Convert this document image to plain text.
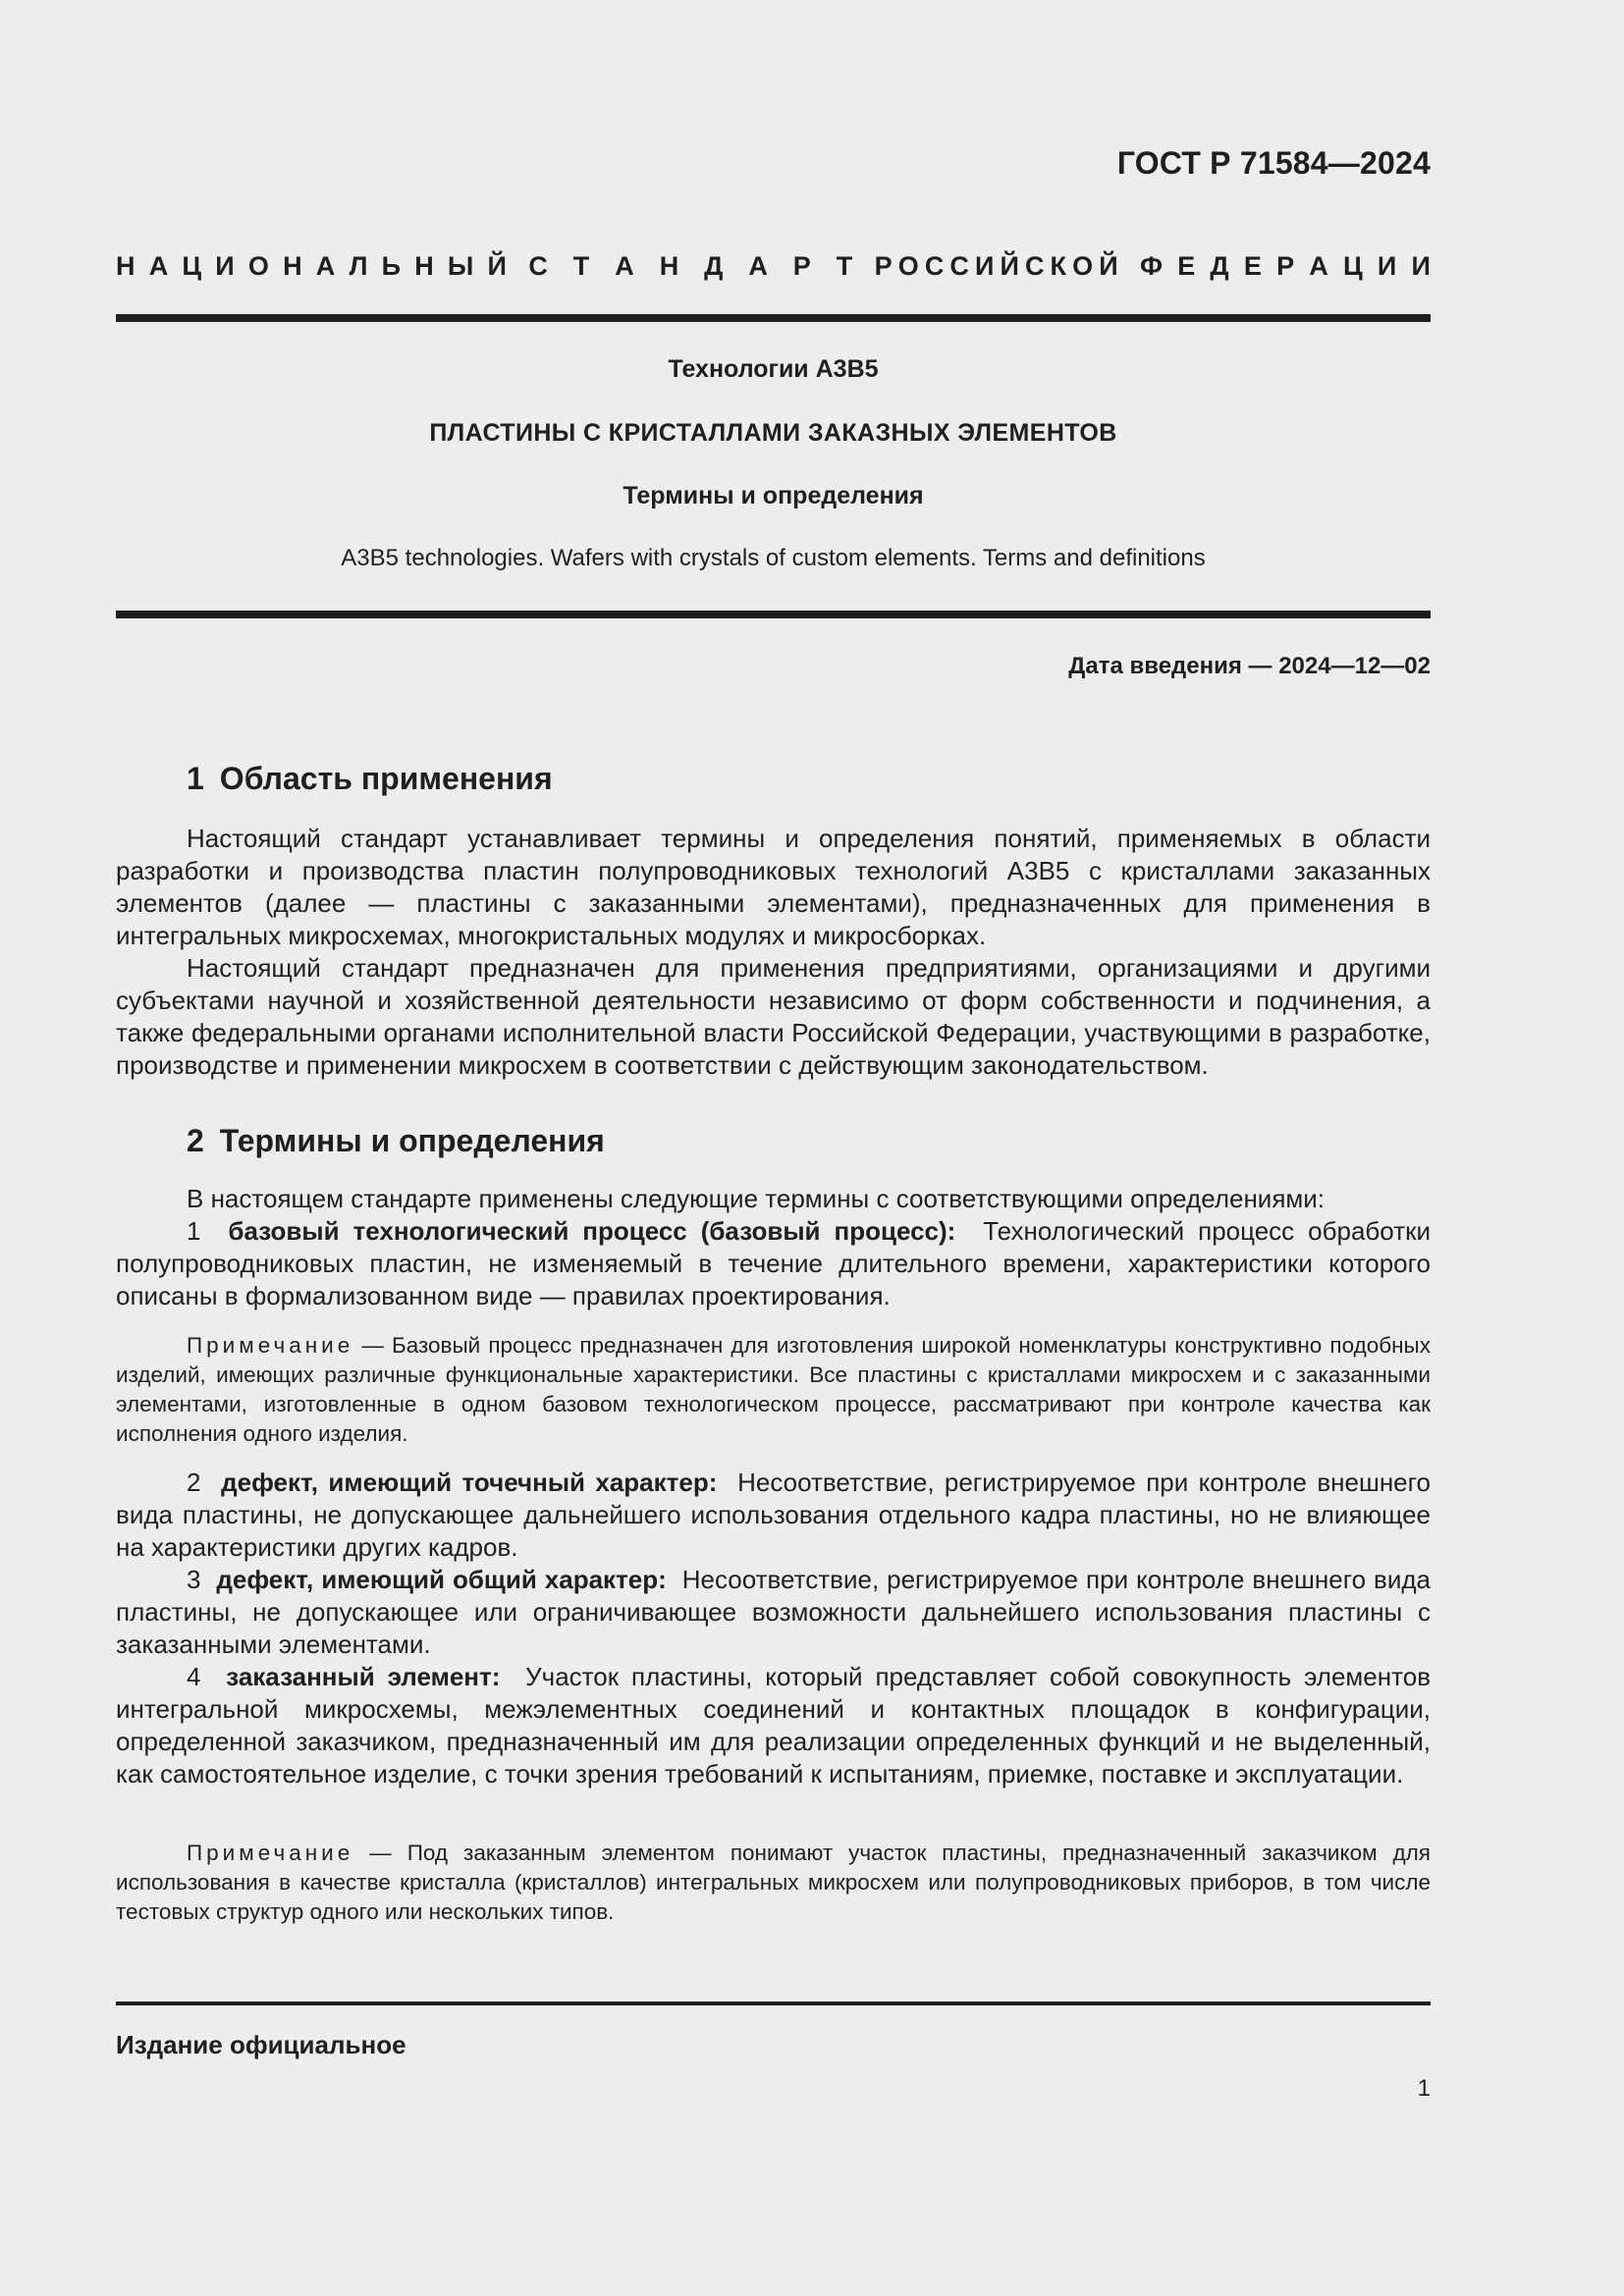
ГОСТ Р 71584—2024
Н А Ц И О Н А Л Ь Н Ы Й С Т А Н Д А Р Т Р О С С И Й С К О Й Ф Е Д Е Р А Ц И И
Технологии А3В5
ПЛАСТИНЫ С КРИСТАЛЛАМИ ЗАКАЗНЫХ ЭЛЕМЕНТОВ
Термины и определения
A3B5 technologies. Wafers with crystals of custom elements. Terms and definitions
Дата введения — 2024—12—02
1 Область применения

Настоящий стандарт устанавливает термины и определения понятий, применяемых в области разработки и производства пластин полупроводниковых технологий А3В5 с кристаллами заказанных элементов (далее — пластины с заказанными элементами), предназначенных для применения в интегральных микросхемах, многокристальных модулях и микросборках.

Настоящий стандарт предназначен для применения предприятиями, организациями и другими субъектами научной и хозяйственной деятельности независимо от форм собственности и подчинения, а также федеральными органами исполнительной власти Российской Федерации, участвующими в разработке, производстве и применении микросхем в соответствии с действующим законодательством.

2 Термины и определения

В настоящем стандарте применены следующие термины с соответствующими определениями:

1 базовый технологический процесс (базовый процесс): Технологический процесс обработки полупроводниковых пластин, не изменяемый в течение длительного времени, характеристики которого описаны в формализованном виде — правилах проектирования.

Примечание — Базовый процесс предназначен для изготовления широкой номенклатуры конструктивно подобных изделий, имеющих различные функциональные характеристики. Все пластины с кристаллами микросхем и с заказанными элементами, изготовленные в одном базовом технологическом процессе, рассматривают при контроле качества как исполнения одного изделия.

2 дефект, имеющий точечный характер: Несоответствие, регистрируемое при контроле внешнего вида пластины, не допускающее дальнейшего использования отдельного кадра пластины, но не влияющее на характеристики других кадров.

3 дефект, имеющий общий характер: Несоответствие, регистрируемое при контроле внешнего вида пластины, не допускающее или ограничивающее возможности дальнейшего использования пластины с заказанными элементами.

4 заказанный элемент: Участок пластины, который представляет собой совокупность элементов интегральной микросхемы, межэлементных соединений и контактных площадок в конфигурации, определенной заказчиком, предназначенный им для реализации определенных функций и не выделенный, как самостоятельное изделие, с точки зрения требований к испытаниям, приемке, поставке и эксплуатации.

Примечание — Под заказанным элементом понимают участок пластины, предназначенный заказчиком для использования в качестве кристалла (кристаллов) интегральных микросхем или полупроводниковых приборов, в том числе тестовых структур одного или нескольких типов.

Издание официальное
1
